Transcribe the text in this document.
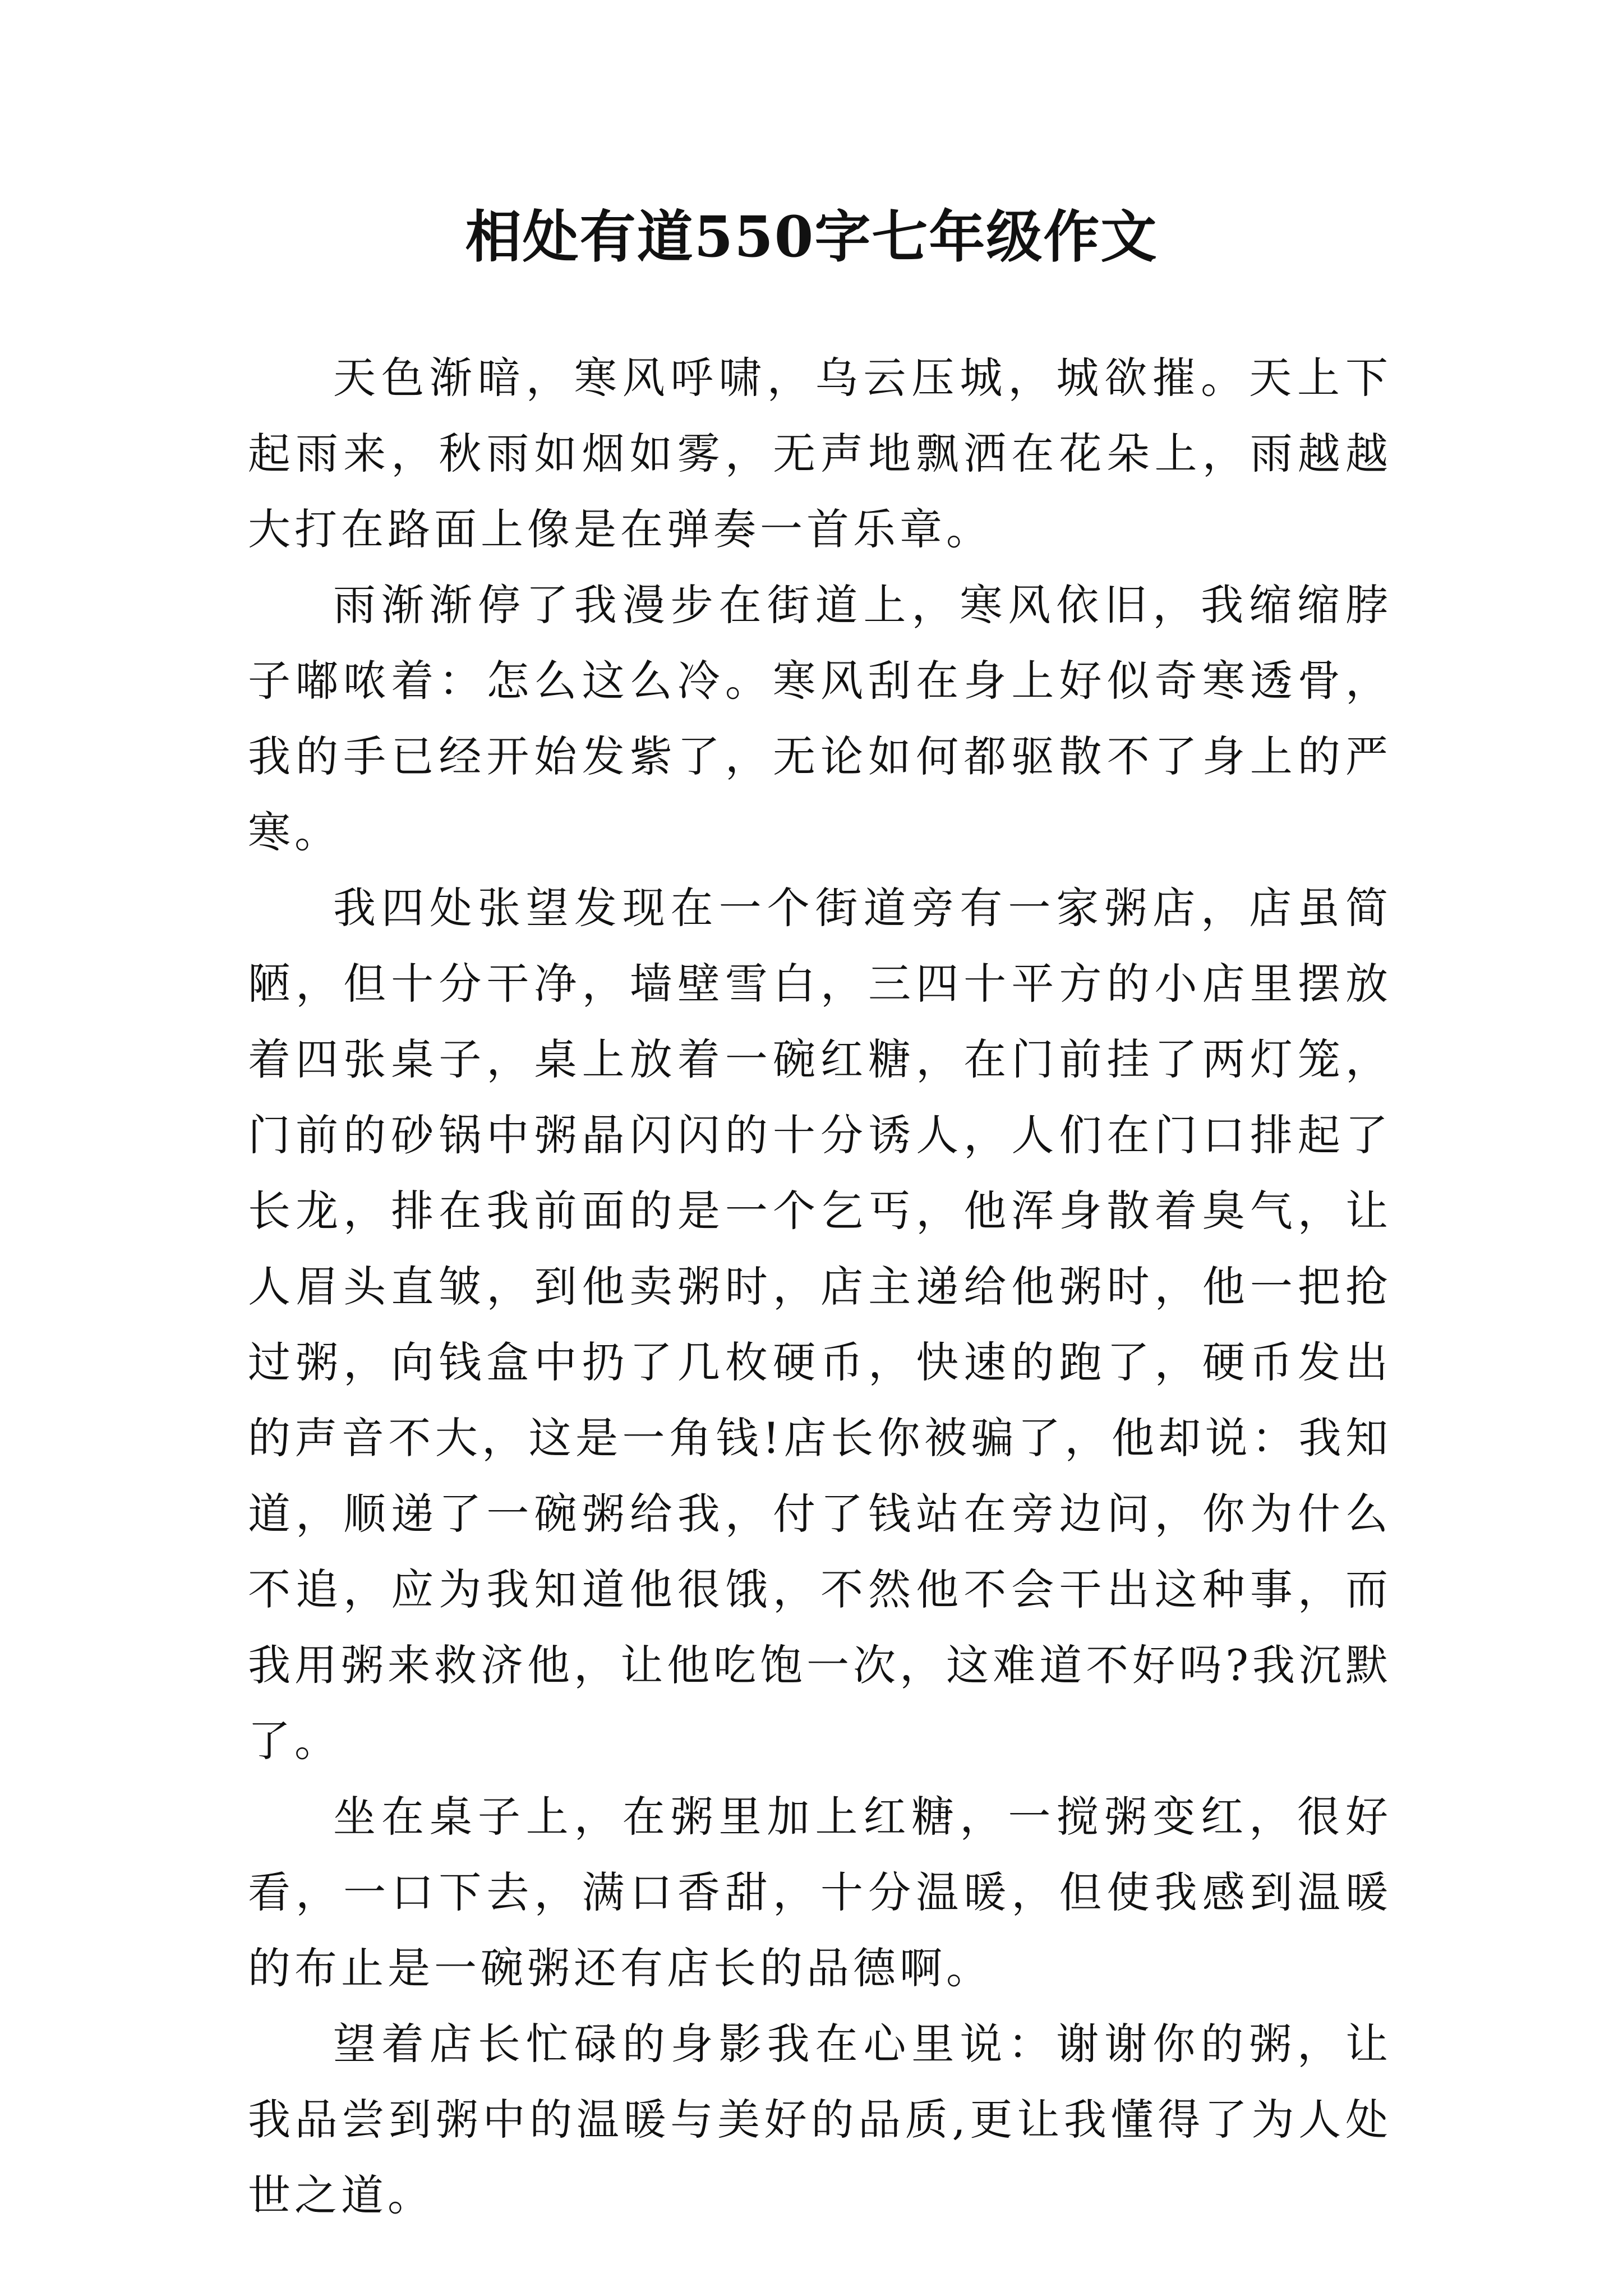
相处有道550字七年级作文

天色渐暗，寒风呼啸，乌云压城，城欲摧。天上下起雨来，秋雨如烟如雾，无声地飘洒在花朵上，雨越越大打在路面上像是在弹奏一首乐章。

雨渐渐停了我漫步在街道上，寒风依旧，我缩缩脖子嘟哝着：怎么这么冷。寒风刮在身上好似奇寒透骨，我的手已经开始发紫了，无论如何都驱散不了身上的严寒。

我四处张望发现在一个街道旁有一家粥店，店虽简陋，但十分干净，墙壁雪白，三四十平方的小店里摆放着四张桌子，桌上放着一碗红糖，在门前挂了两灯笼，门前的砂锅中粥晶闪闪的十分诱人，人们在门口排起了长龙，排在我前面的是一个乞丐，他浑身散着臭气，让人眉头直皱，到他卖粥时，店主递给他粥时，他一把抢过粥，向钱盒中扔了几枚硬币，快速的跑了，硬币发出的声音不大，这是一角钱!店长你被骗了，他却说：我知道，顺递了一碗粥给我，付了钱站在旁边问，你为什么不追，应为我知道他很饿，不然他不会干出这种事，而我用粥来救济他，让他吃饱一次，这难道不好吗?我沉默了。

坐在桌子上，在粥里加上红糖，一搅粥变红，很好看，一口下去，满口香甜，十分温暖，但使我感到温暖的布止是一碗粥还有店长的品德啊。

望着店长忙碌的身影我在心里说：谢谢你的粥，让我品尝到粥中的温暖与美好的品质,更让我懂得了为人处世之道。
